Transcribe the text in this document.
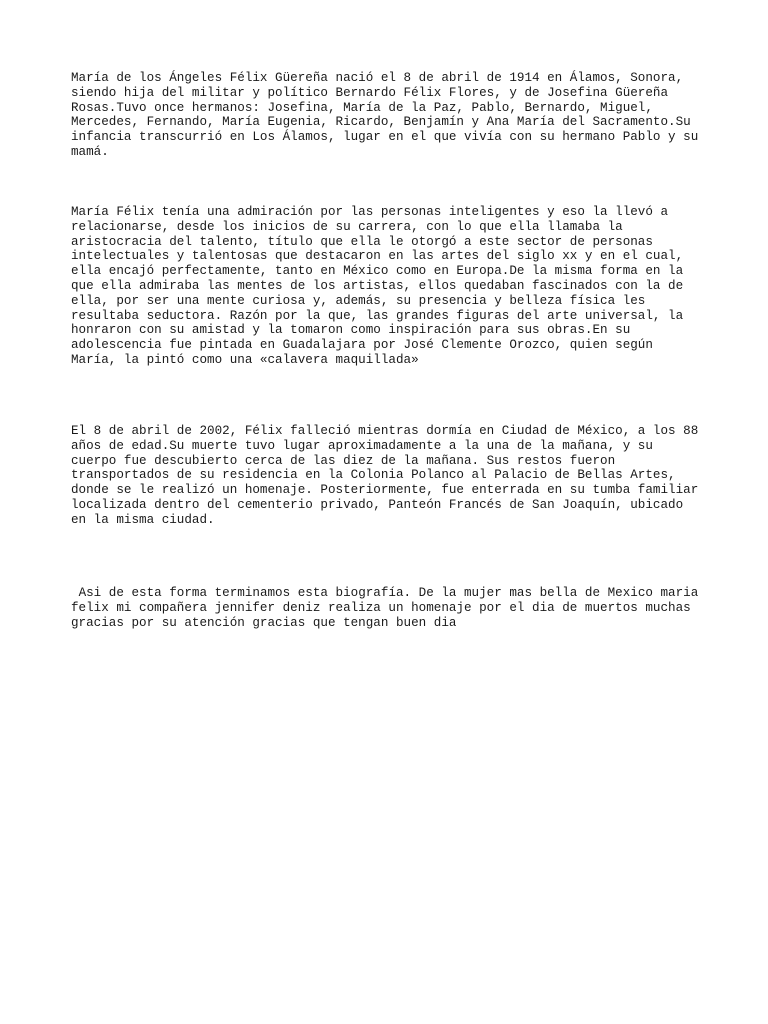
María de los Ángeles Félix Güereña nació el 8 de abril de 1914 en Álamos, Sonora,
siendo hija del militar y político Bernardo Félix Flores, y de Josefina Güereña
Rosas.Tuvo once hermanos: Josefina, María de la Paz, Pablo, Bernardo, Miguel,
Mercedes, Fernando, María Eugenia, Ricardo, Benjamín y Ana María del Sacramento.Su
infancia transcurrió en Los Álamos, lugar en el que vivía con su hermano Pablo y su
mamá.

María Félix tenía una admiración por las personas inteligentes y eso la llevó a
relacionarse, desde los inicios de su carrera, con lo que ella llamaba la
aristocracia del talento, título que ella le otorgó a este sector de personas
intelectuales y talentosas que destacaron en las artes del siglo xx y en el cual,
ella encajó perfectamente, tanto en México como en Europa.De la misma forma en la
que ella admiraba las mentes de los artistas, ellos quedaban fascinados con la de
ella, por ser una mente curiosa y, además, su presencia y belleza física les
resultaba seductora. Razón por la que, las grandes figuras del arte universal, la
honraron con su amistad y la tomaron como inspiración para sus obras.En su
adolescencia fue pintada en Guadalajara por José Clemente Orozco, quien según
María, la pintó como una «calavera maquillada»

El 8 de abril de 2002, Félix falleció mientras dormía en Ciudad de México, a los 88
años de edad.Su muerte tuvo lugar aproximadamente a la una de la mañana, y su
cuerpo fue descubierto cerca de las diez de la mañana. Sus restos fueron
transportados de su residencia en la Colonia Polanco al Palacio de Bellas Artes,
donde se le realizó un homenaje. Posteriormente, fue enterrada en su tumba familiar
localizada dentro del cementerio privado, Panteón Francés de San Joaquín, ubicado
en la misma ciudad.

Asi de esta forma terminamos esta biografía. De la mujer mas bella de Mexico maria
felix mi compañera jennifer deniz realiza un homenaje por el dia de muertos muchas
gracias por su atención gracias que tengan buen dia
